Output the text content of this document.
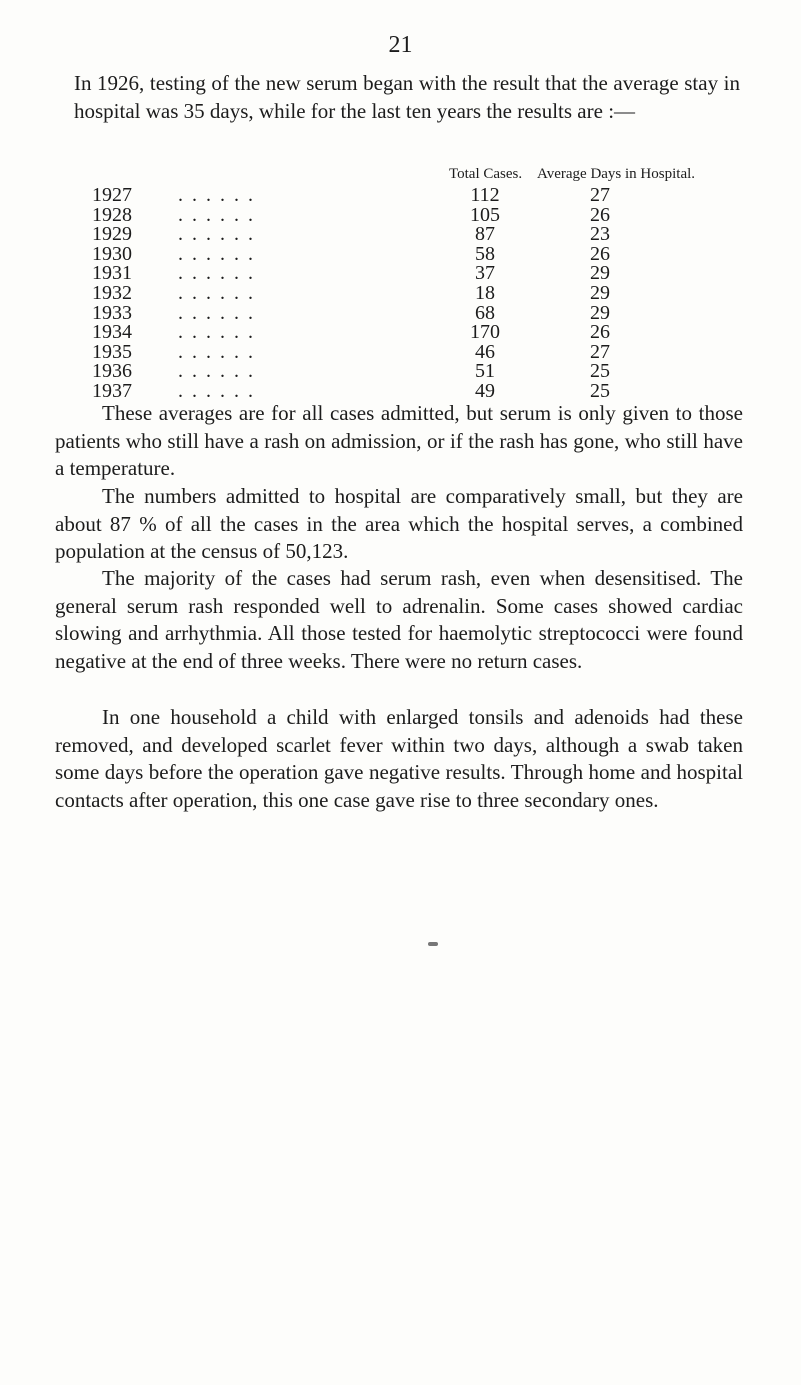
21

In 1926, testing of the new serum began with the result that the average stay in hospital was 35 days, while for the last ten years the results are :—

Total Cases. Average Days in Hospital.
1927 . . . . . .	112	27
1928 . . . . . .	105	26
1929 . . . . . .	87	23
1930 . . . . . .	58	26
1931 . . . . . .	37	29
1932 . . . . . .	18	29
1933 . . . . . .	68	29
1934 . . . . . .	170	26
1935 . . . . . .	46	27
1936 . . . . . .	51	25
1937 . . . . . .	49	25

These averages are for all cases admitted, but serum is only given to those patients who still have a rash on admission, or if the rash has gone, who still have a temperature.

The numbers admitted to hospital are comparatively small, but they are about 87 % of all the cases in the area which the hospital serves, a combined population at the census of 50,123.

The majority of the cases had serum rash, even when desensitised. The general serum rash responded well to adrenalin. Some cases showed cardiac slowing and arrhythmia. All those tested for haemolytic streptococci were found negative at the end of three weeks. There were no return cases.

In one household a child with enlarged tonsils and adenoids had these removed, and developed scarlet fever within two days, although a swab taken some days before the operation gave negative results. Through home and hospital contacts after operation, this one case gave rise to three secondary ones.
